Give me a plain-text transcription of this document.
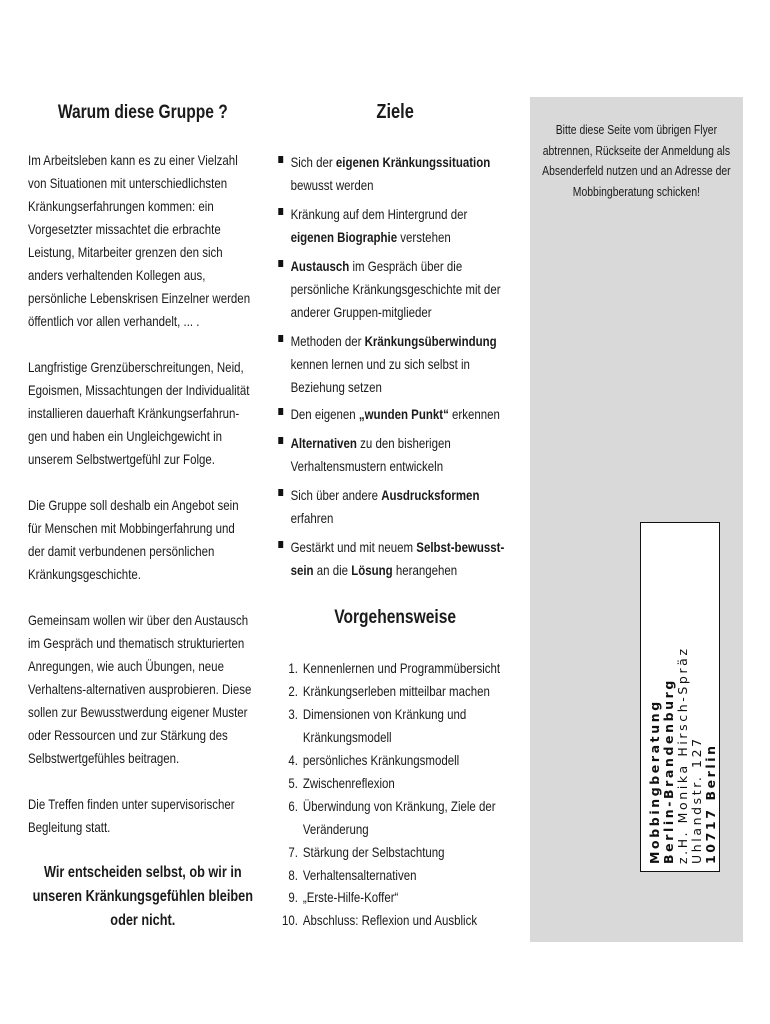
Warum diese Gruppe ?
Im Arbeitsleben kann es zu einer Vielzahl
von Situationen mit unterschiedlichsten
Kränkungserfahrungen kommen: ein
Vorgesetzter missachtet die erbrachte
Leistung, Mitarbeiter grenzen den sich
anders verhaltenden Kollegen aus,
persönliche Lebenskrisen Einzelner werden
öffentlich vor allen verhandelt, ... .
Langfristige Grenzüberschreitungen, Neid,
Egoismen, Missachtungen der Individualität
installieren dauerhaft Kränkungserfahrun-
gen und haben ein Ungleichgewicht in
unserem Selbstwertgefühl zur Folge.
Die Gruppe soll deshalb ein Angebot sein
für Menschen mit Mobbingerfahrung und
der damit verbundenen persönlichen
Kränkungsgeschichte.
Gemeinsam wollen wir über den Austausch
im Gespräch und thematisch strukturierten
Anregungen, wie auch Übungen, neue
Verhaltens-alternativen ausprobieren. Diese
sollen zur Bewusstwerdung eigener Muster
oder Ressourcen und zur Stärkung des
Selbstwertgefühles beitragen.
Die Treffen finden unter supervisorischer
Begleitung statt.
Wir entscheiden selbst, ob wir in
unseren Kränkungsgefühlen bleiben
oder nicht.
Ziele
Vorgehensweise
Sich der eigenen Kränkungssituation
bewusst werden
Kränkung auf dem Hintergrund der
eigenen Biographie verstehen
Austausch im Gespräch über die
persönliche Kränkungsgeschichte mit der
anderer Gruppen-mitglieder
Methoden der Kränkungsüberwindung
kennen lernen und zu sich selbst in
Beziehung setzen
Den eigenen „wunden Punkt“ erkennen
Alternativen zu den bisherigen
Verhaltensmustern entwickeln
Sich über andere Ausdrucksformen
erfahren
Gestärkt und mit neuem Selbst-bewusst-
sein an die Lösung herangehen
1. Kennenlernen und Programmübersicht
2. Kränkungserleben mitteilbar machen
3. Dimensionen von Kränkung und
Kränkungsmodell
4. persönliches Kränkungsmodell
5. Zwischenreflexion
6. Überwindung von Kränkung, Ziele der
Veränderung
7. Stärkung der Selbstachtung
8. Verhaltensalternativen
9. „Erste-Hilfe-Koffer“
10. Abschluss: Reflexion und Ausblick
Bitte diese Seite vom übrigen Flyer
abtrennen, Rückseite der Anmeldung als
Absenderfeld nutzen und an Adresse der
Mobbingberatung schicken!
Mobbingberatung Berlin-Brandenburg z.H. Monika Hirsch-Spräz Uhlandstr. 127 10717 Berlin
